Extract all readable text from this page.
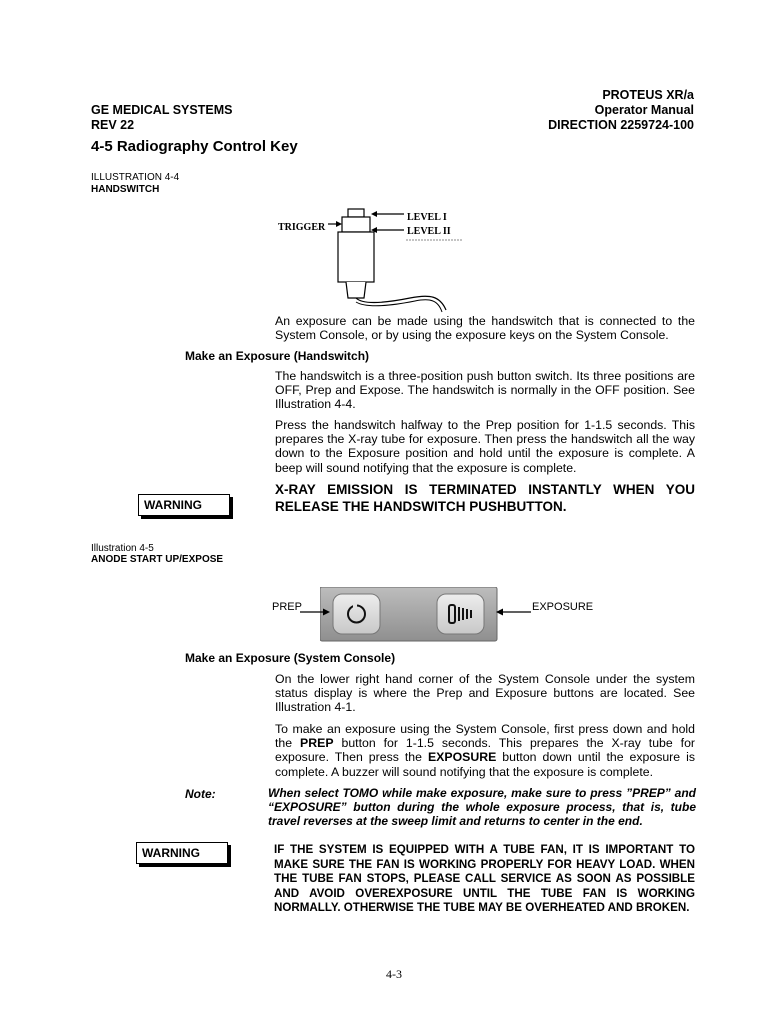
PROTEUS XR/a
GE MEDICAL SYSTEMS	Operator Manual
REV 22	DIRECTION 2259724-100
4-5 Radiography Control Key
ILLUSTRATION 4-4
HANDSWITCH
TRIGGER
LEVEL I
LEVEL II
An exposure can be made using the handswitch that is connected to the System Console, or by using the exposure keys on the System Console.
Make an Exposure (Handswitch)
The handswitch is a three-position push button switch. Its three positions are OFF, Prep and Expose. The handswitch is normally in the OFF position. See Illustration 4-4.
Press the handswitch halfway to the Prep position for 1-1.5 seconds. This prepares the X-ray tube for exposure. Then press the handswitch all the way down to the Exposure position and hold until the exposure is complete. A beep will sound notifying that the exposure is complete.
WARNING
X-RAY EMISSION IS TERMINATED INSTANTLY WHEN YOU RELEASE THE HANDSWITCH PUSHBUTTON.
Illustration 4-5
ANODE START UP/EXPOSE
PREP	EXPOSURE
Make an Exposure (System Console)
On the lower right hand corner of the System Console under the system status display is where the Prep and Exposure buttons are located. See Illustration 4-1.
To make an exposure using the System Console, first press down and hold the PREP button for 1-1.5 seconds. This prepares the X-ray tube for exposure. Then press the EXPOSURE button down until the exposure is complete. A buzzer will sound notifying that the exposure is complete.
Note:	When select TOMO while make exposure, make sure to press ”PREP” and “EXPOSURE” button during the whole exposure process, that is, tube travel reverses at the sweep limit and returns to center in the end.
WARNING	IF THE SYSTEM IS EQUIPPED WITH A TUBE FAN, IT IS IMPORTANT TO MAKE SURE THE FAN IS WORKING PROPERLY FOR HEAVY LOAD. WHEN THE TUBE FAN STOPS, PLEASE CALL SERVICE AS SOON AS POSSIBLE AND AVOID OVEREXPOSURE UNTIL THE TUBE FAN IS WORKING NORMALLY. OTHERWISE THE TUBE MAY BE OVERHEATED AND BROKEN.
4-3
